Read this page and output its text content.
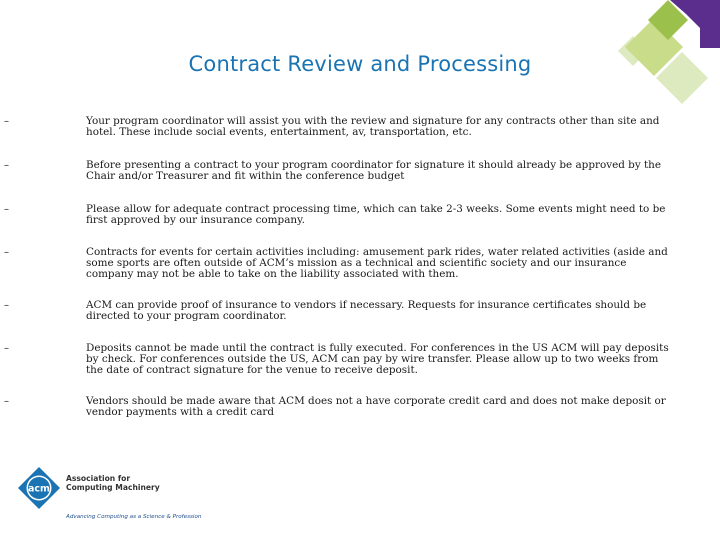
Contract Review and Processing
–	Your program coordinator will assist you with the review and signature for any contracts other than site and hotel. These include social events, entertainment, av, transportation, etc.
–	Before presenting a contract to your program coordinator for signature it should already be approved by the Chair and/or Treasurer and fit within the conference budget
–	Please allow for adequate contract processing time, which can take 2-3 weeks. Some events might need to be first approved by our insurance company.
–	Contracts for events for certain activities including: amusement park rides, water related activities (aside and some sports are often outside of ACM’s mission as a technical and scientific society and our insurance company may not be able to take on the liability associated with them.
–	ACM can provide proof of insurance to vendors if necessary. Requests for insurance certificates should be directed to your program coordinator.
–	Deposits cannot be made until the contract is fully executed. For conferences in the US ACM will pay deposits by check. For conferences outside the US, ACM can pay by wire transfer. Please allow up to two weeks from the date of contract signature for the venue to receive deposit.
–	Vendors should be made aware that ACM does not a have corporate credit card and does not make deposit or vendor payments with a credit card
acm
Association for
Computing Machinery
Advancing Computing as a Science & Profession
